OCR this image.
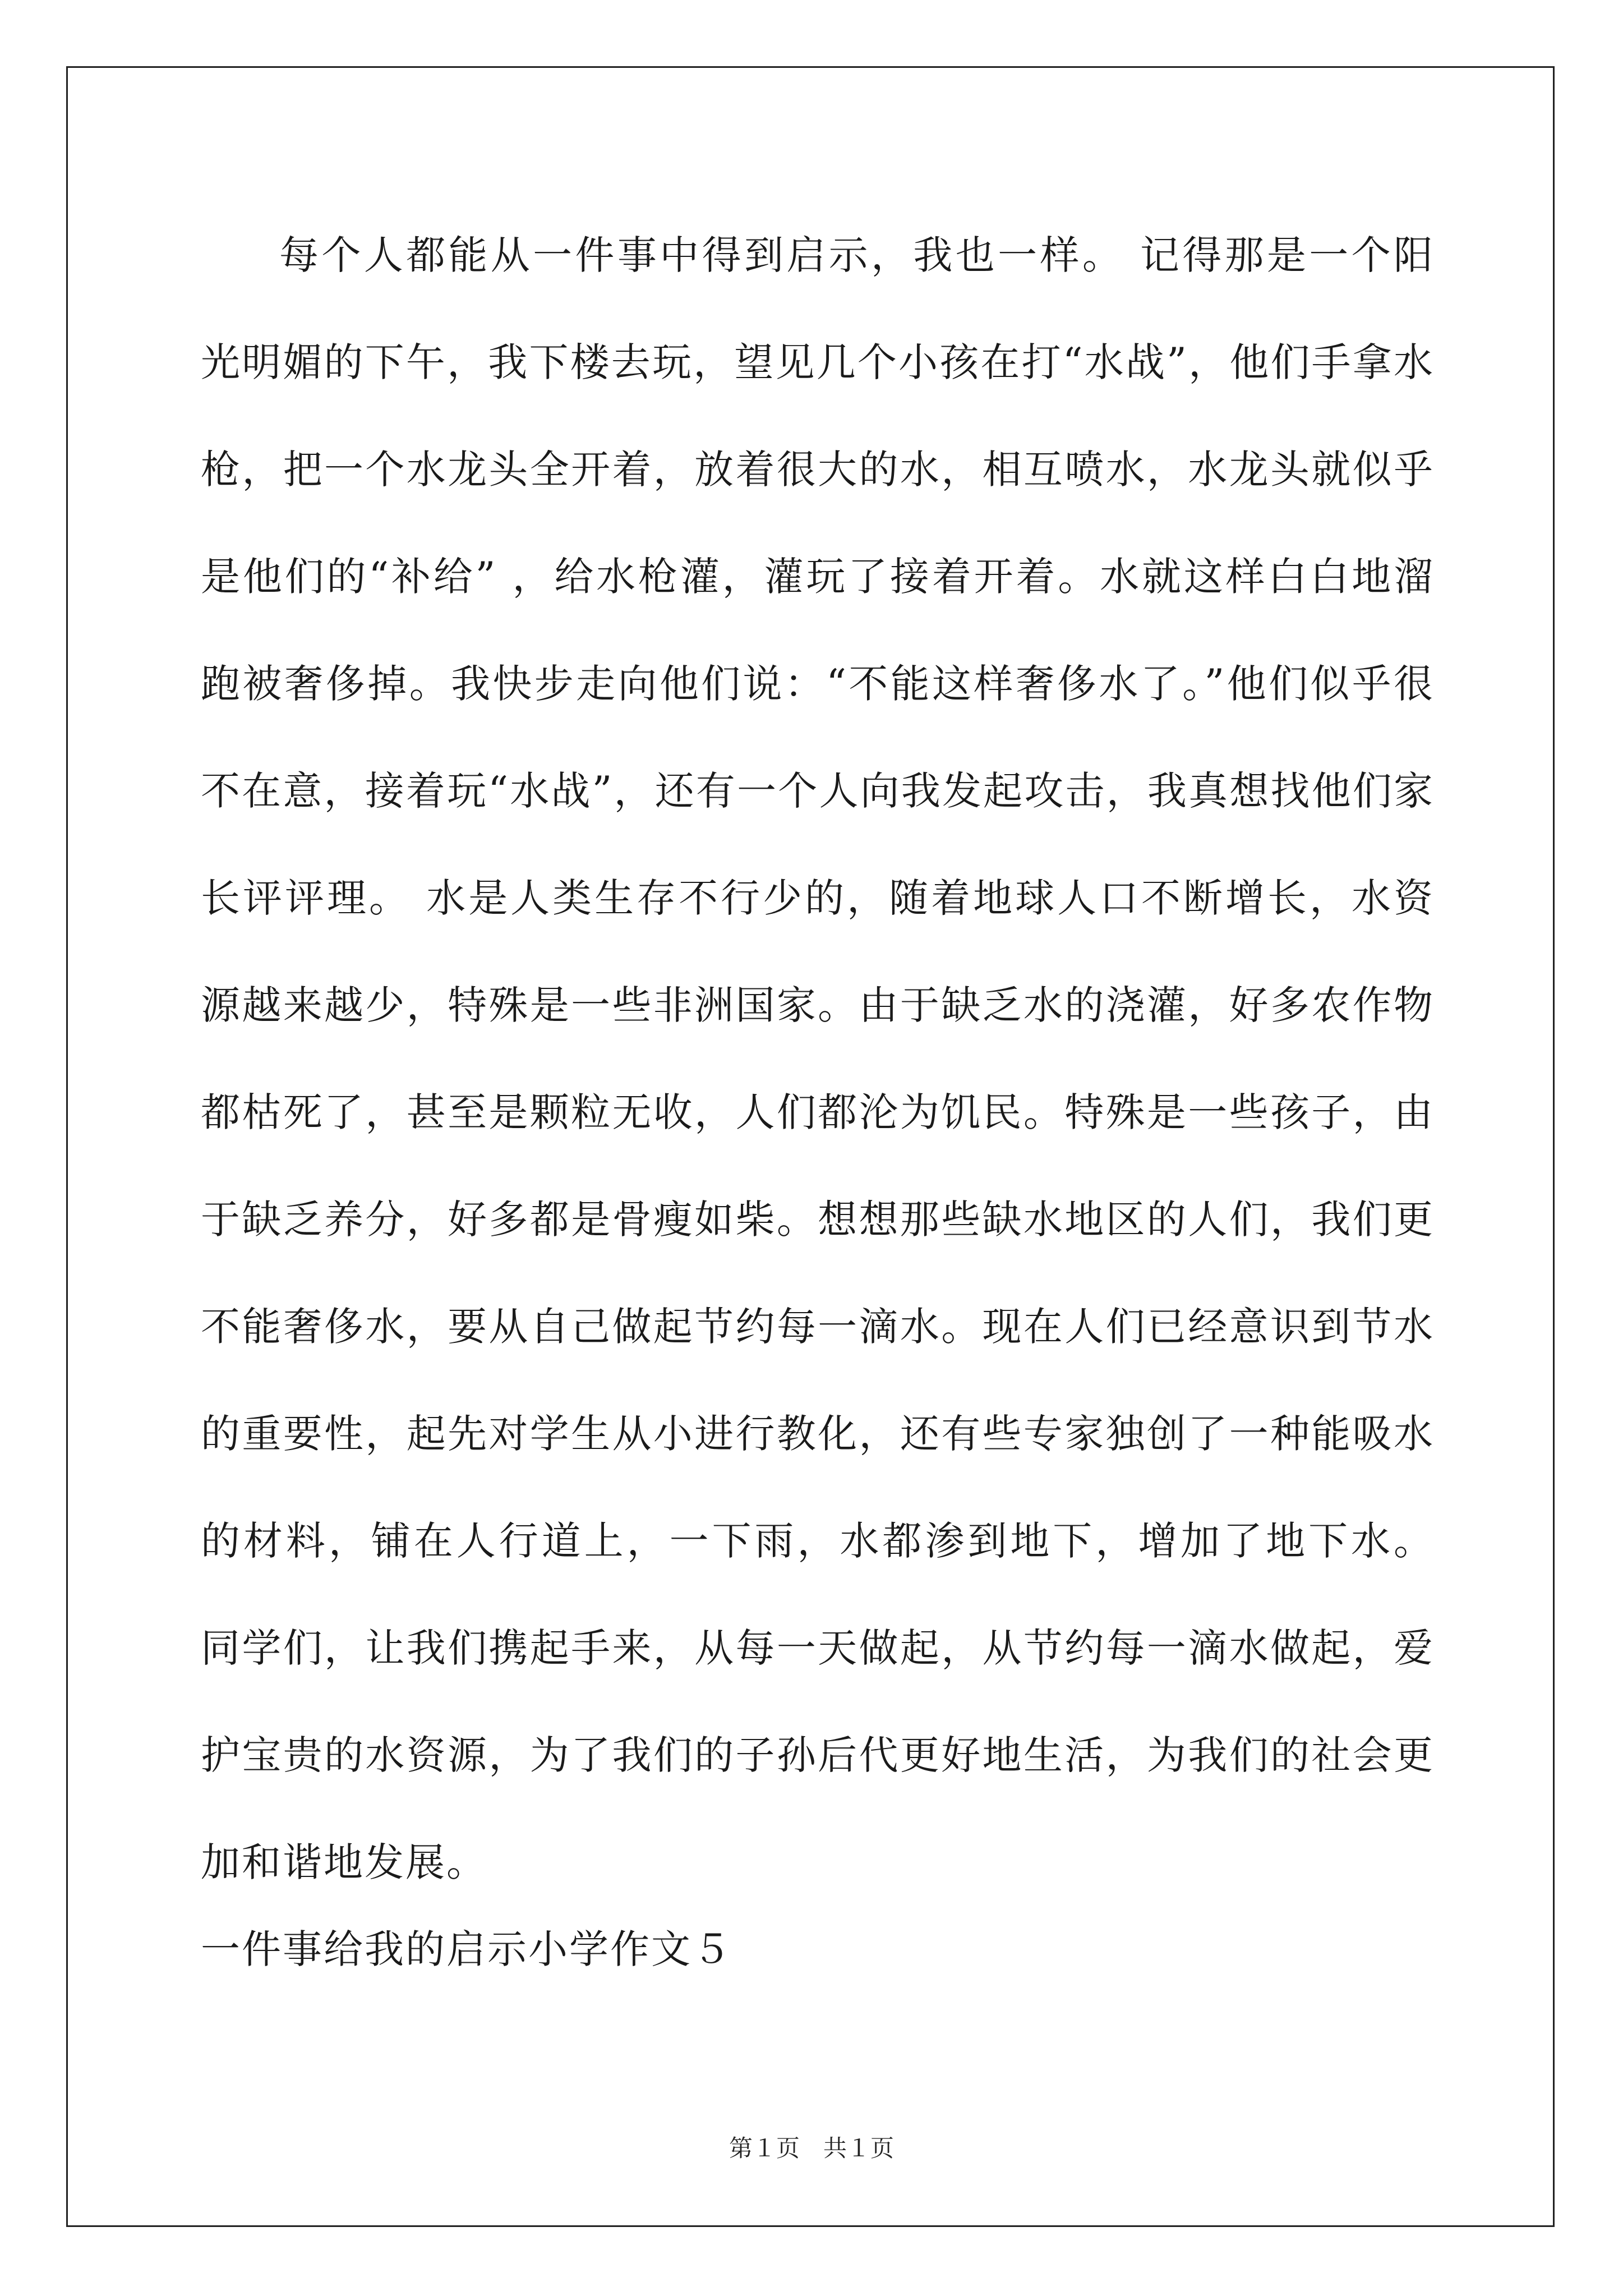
每个人都能从一件事中得到启示，我也一样。 记得那是一个阳光明媚的下午，我下楼去玩，望见几个小孩在打“水战”，他们手拿水枪，把一个水龙头全开着，放着很大的水，相互喷水，水龙头就似乎是他们的“补给” ，给水枪灌，灌玩了接着开着。水就这样白白地溜跑被奢侈掉。我快步走向他们说：“不能这样奢侈水了。”他们似乎很不在意，接着玩“水战”，还有一个人向我发起攻击，我真想找他们家长评评理。 水是人类生存不行少的，随着地球人口不断增长，水资源越来越少，特殊是一些非洲国家。由于缺乏水的浇灌，好多农作物都枯死了，甚至是颗粒无收，人们都沦为饥民。特殊是一些孩子，由于缺乏养分，好多都是骨瘦如柴。想想那些缺水地区的人们，我们更不能奢侈水，要从自己做起节约每一滴水。现在人们已经意识到节水的重要性，起先对学生从小进行教化，还有些专家独创了一种能吸水的材料，铺在人行道上，一下雨，水都渗到地下，增加了地下水。 同学们，让我们携起手来，从每一天做起，从节约每一滴水做起，爱护宝贵的水资源，为了我们的子孙后代更好地生活，为我们的社会更加和谐地发展。

一件事给我的启示小学作文５
第１页　共１页
